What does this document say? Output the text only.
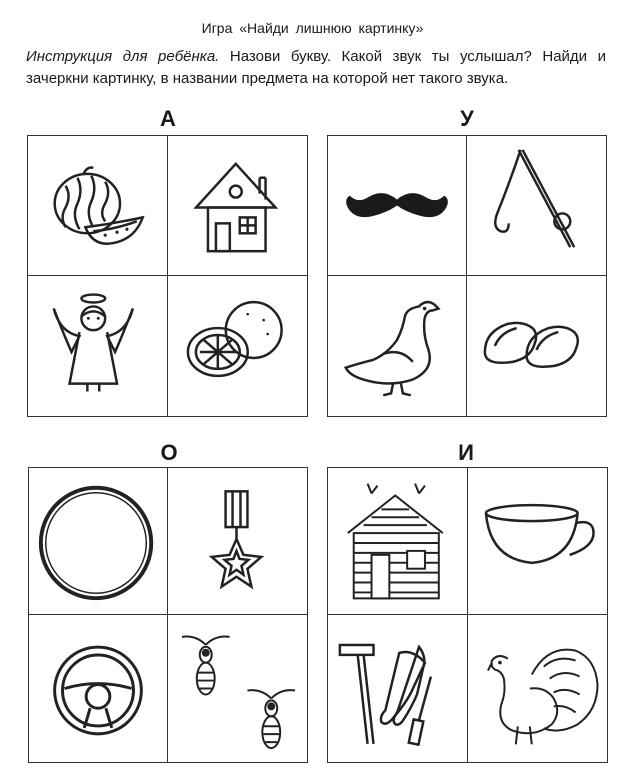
Игра «Найди лишнюю картинку»
Инструкция для ребёнка. Назови букву. Какой звук ты услышал? Найди и зачеркни картинку, в названии предмета на которой нет такого звука.
А	У
О	И
